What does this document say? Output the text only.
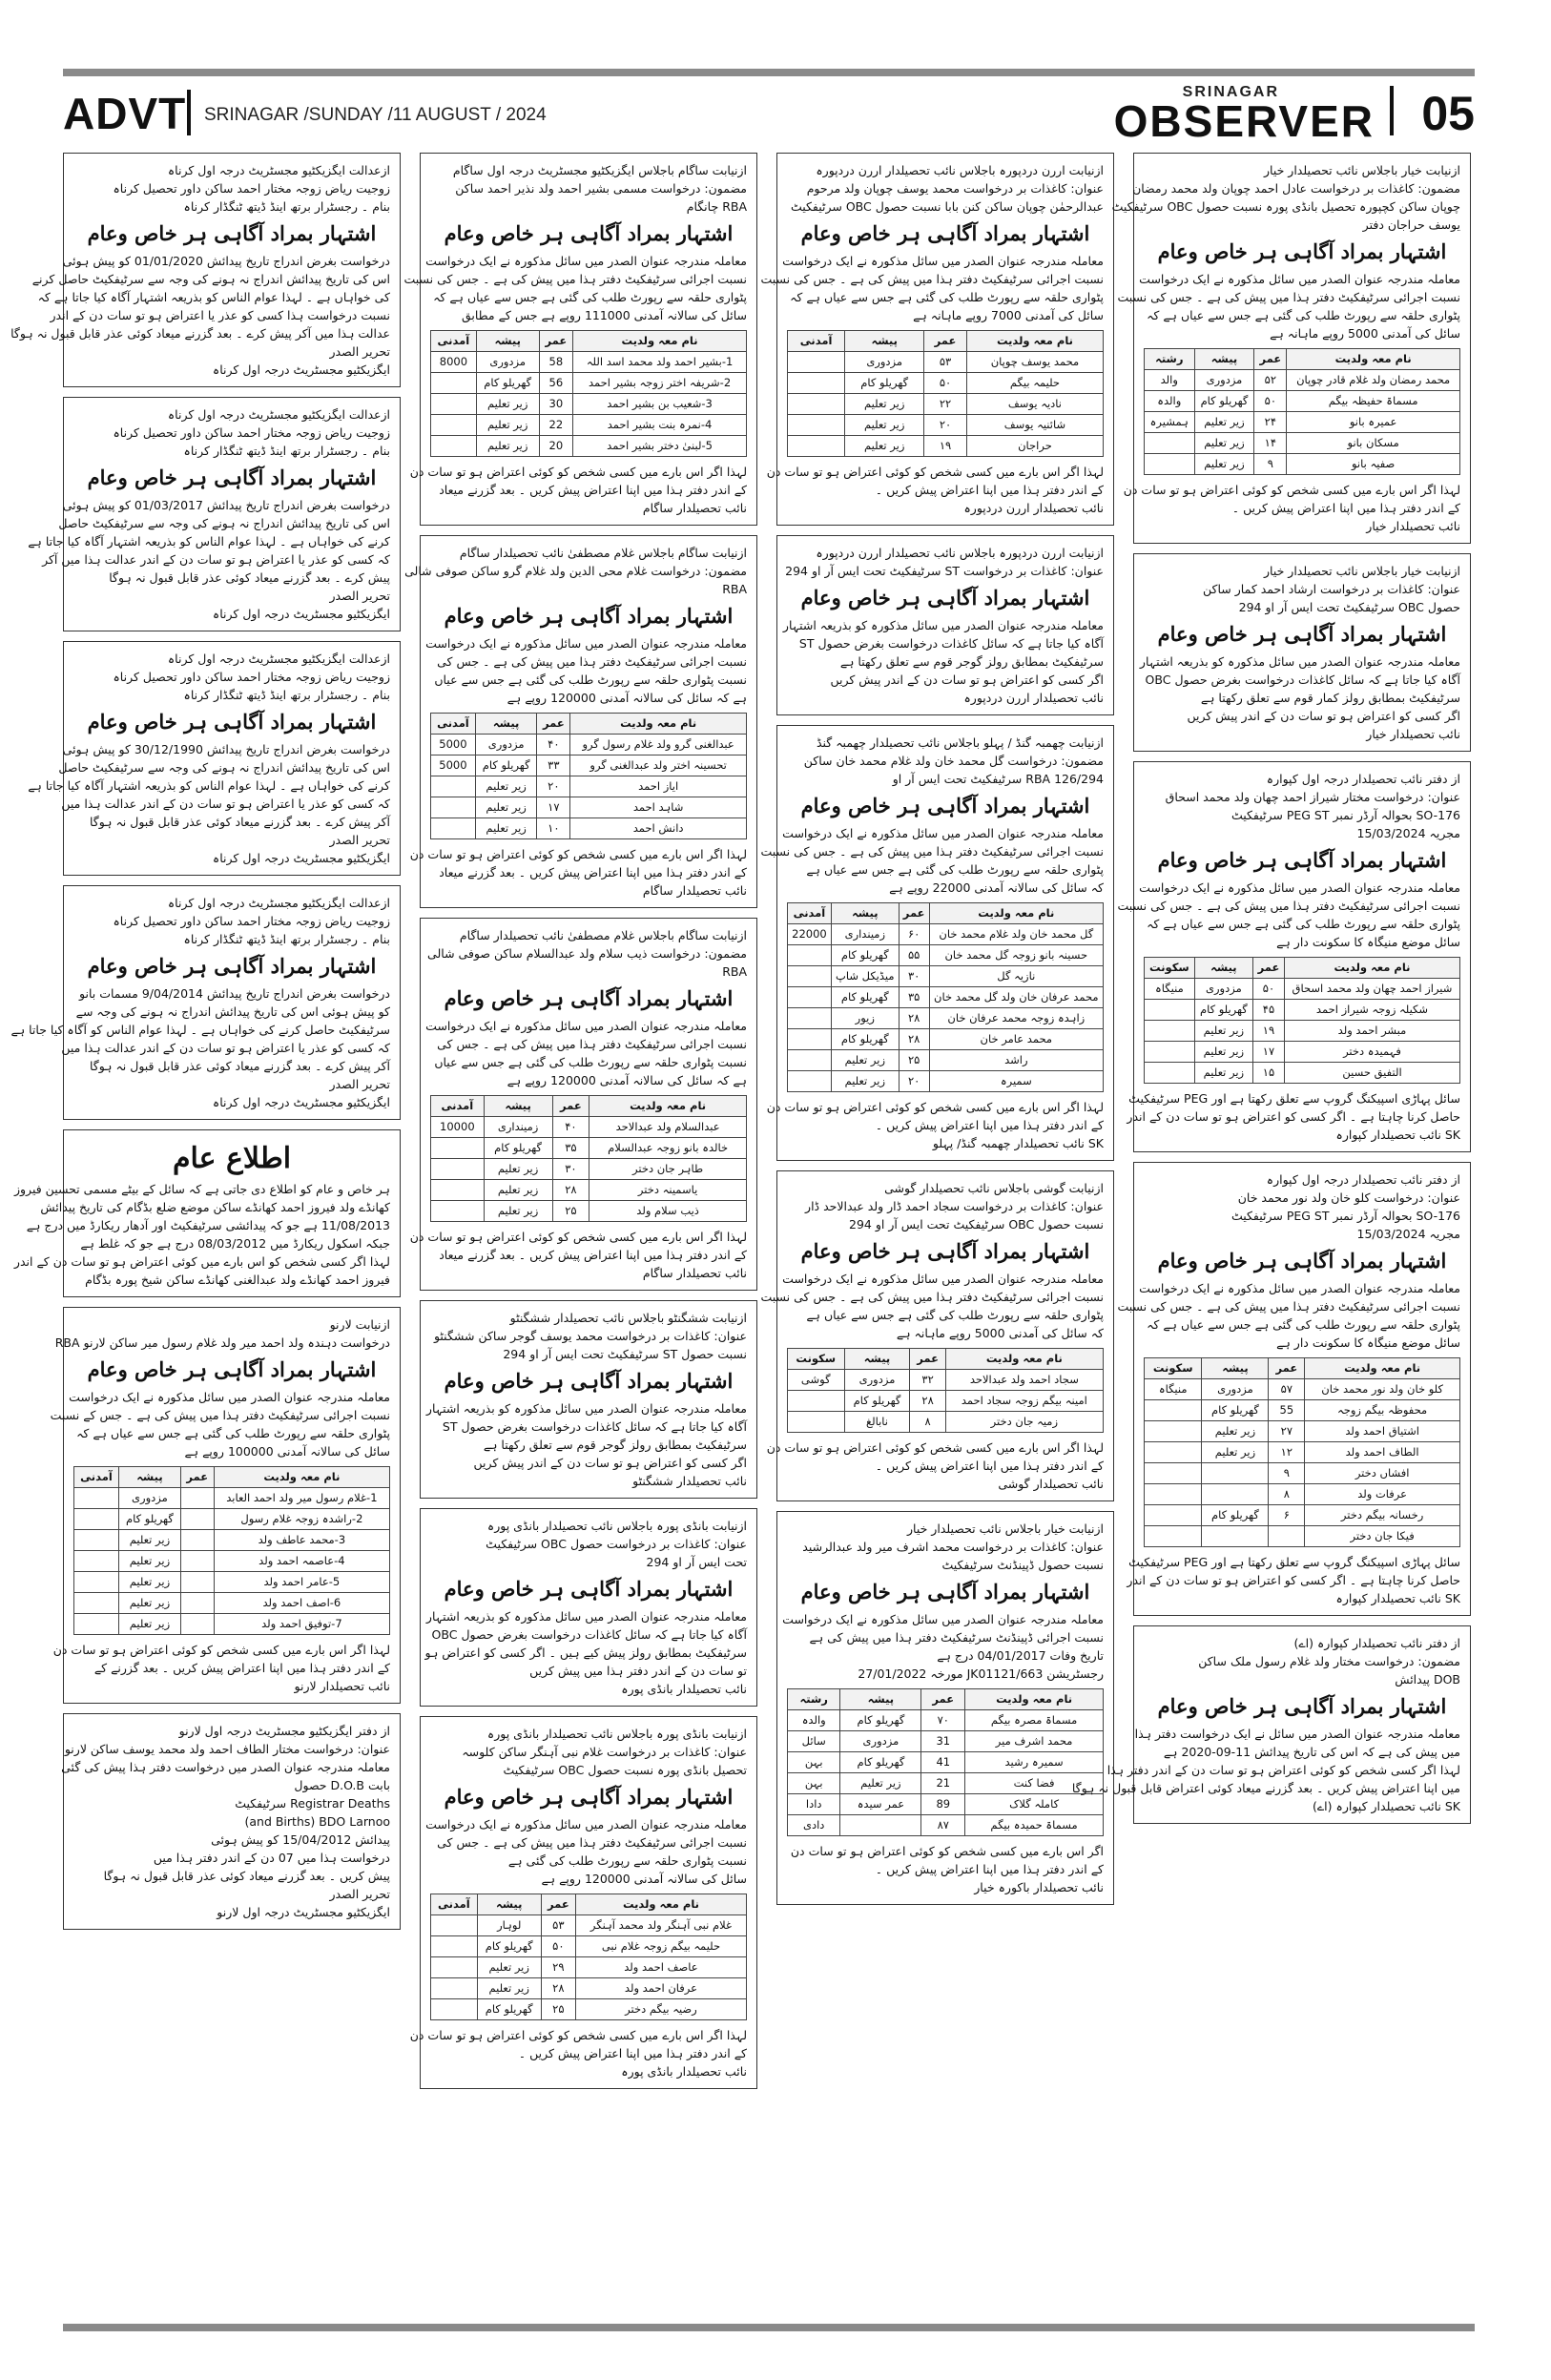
ADVT SRINAGAR /SUNDAY /11 AUGUST / 2024
SRINAGAR
OBSERVER 05
ازعدالت ایگزیکٹیو مجسٹریٹ درجہ اول کرناہ
زوجیت ریاض زوجہ مختار احمد ساکن داور تحصیل کرناہ
بنام ۔ رجسٹرار برتھ اینڈ ڈیتھ ٹنگڈار کرناہ
اشتہار بمراد آگاہی ہر خاص وعام
درخواست بغرض اندراج تاریخ پیدائش 01/01/2020 کو پیش ہوئی
اس کی تاریخ پیدائش اندراج نہ ہونے کی وجہ سے سرٹیفکیٹ حاصل کرنے
کی خواہاں ہے ۔ لہذا عوام الناس کو بذریعہ اشتہار آگاہ کیا جاتا ہے کہ
نسبت درخواست ہذا کسی کو عذر یا اعتراض ہو تو سات دن کے اندر
عدالت ہذا میں آکر پیش کرے ۔ بعد گزرنے میعاد کوئی عذر قابل قبول نہ ہوگا
تحریر الصدر
ایگزیکٹیو مجسٹریٹ درجہ اول کرناہ
ازعدالت ایگزیکٹیو مجسٹریٹ درجہ اول کرناہ
زوجیت ریاض زوجہ مختار احمد ساکن داور تحصیل کرناہ
بنام ۔ رجسٹرار برتھ اینڈ ڈیتھ ٹنگڈار کرناہ
اشتہار بمراد آگاہی ہر خاص وعام
درخواست بغرض اندراج تاریخ پیدائش 01/03/2017 کو پیش ہوئی
اس کی تاریخ پیدائش اندراج نہ ہونے کی وجہ سے سرٹیفکیٹ حاصل
کرنے کی خواہاں ہے ۔ لہذا عوام الناس کو بذریعہ اشتہار آگاہ کیا جاتا ہے
کہ کسی کو عذر یا اعتراض ہو تو سات دن کے اندر عدالت ہذا میں آکر
پیش کرے ۔ بعد گزرنے میعاد کوئی عذر قابل قبول نہ ہوگا
تحریر الصدر
ایگزیکٹیو مجسٹریٹ درجہ اول کرناہ
ازعدالت ایگزیکٹیو مجسٹریٹ درجہ اول کرناہ
زوجیت ریاض زوجہ مختار احمد ساکن داور تحصیل کرناہ
بنام ۔ رجسٹرار برتھ اینڈ ڈیتھ ٹنگڈار کرناہ
اشتہار بمراد آگاہی ہر خاص وعام
درخواست بغرض اندراج تاریخ پیدائش 30/12/1990 کو پیش ہوئی
اس کی تاریخ پیدائش اندراج نہ ہونے کی وجہ سے سرٹیفکیٹ حاصل
کرنے کی خواہاں ہے ۔ لہذا عوام الناس کو بذریعہ اشتہار آگاہ کیا جاتا ہے
کہ کسی کو عذر یا اعتراض ہو تو سات دن کے اندر عدالت ہذا میں
آکر پیش کرے ۔ بعد گزرنے میعاد کوئی عذر قابل قبول نہ ہوگا
تحریر الصدر
ایگزیکٹیو مجسٹریٹ درجہ اول کرناہ
ازعدالت ایگزیکٹیو مجسٹریٹ درجہ اول کرناہ
زوجیت ریاض زوجہ مختار احمد ساکن داور تحصیل کرناہ
بنام ۔ رجسٹرار برتھ اینڈ ڈیتھ ٹنگڈار کرناہ
اشتہار بمراد آگاہی ہر خاص وعام
درخواست بغرض اندراج تاریخ پیدائش 9/04/2014 مسمات بانو
کو پیش ہوئی اس کی تاریخ پیدائش اندراج نہ ہونے کی وجہ سے
سرٹیفکیٹ حاصل کرنے کی خواہاں ہے ۔ لہذا عوام الناس کو آگاہ کیا جاتا ہے
کہ کسی کو عذر یا اعتراض ہو تو سات دن کے اندر عدالت ہذا میں
آکر پیش کرے ۔ بعد گزرنے میعاد کوئی عذر قابل قبول نہ ہوگا
تحریر الصدر
ایگزیکٹیو مجسٹریٹ درجہ اول کرناہ
اطلاع عام
ہر خاص و عام کو اطلاع دی جاتی ہے کہ سائل کے بیٹے مسمی تحسین فیروز
کھانڈے ولد فیروز احمد کھانڈے ساکن موضع ضلع بڈگام کی تاریخ پیدائش
11/08/2013 ہے جو کہ پیدائشی سرٹیفکیٹ اور آدھار ریکارڈ میں درج ہے
جبکہ اسکول ریکارڈ میں 08/03/2012 درج ہے جو کہ غلط ہے
لہذا اگر کسی شخص کو اس بارے میں کوئی اعتراض ہو تو سات دن کے اندر
فیروز احمد کھانڈے ولد عبدالغنی کھانڈے ساکن شیخ پورہ بڈگام
ازنیابت لارنو
درخواست دہندہ ولد احمد میر ولد غلام رسول میر ساکن لارنو RBA
اشتہار بمراد آگاہی ہر خاص وعام
معاملہ مندرجہ عنوان الصدر میں سائل مذکورہ نے ایک درخواست
نسبت اجرائی سرٹیفکیٹ دفتر ہذا میں پیش کی ہے ۔ جس کے نسبت
پٹواری حلقہ سے رپورٹ طلب کی گئی ہے جس سے عیاں ہے کہ
سائل کی سالانہ آمدنی 100000 روپے ہے
نام معہ ولدیت	عمر	پیشہ	آمدنی
1-غلام رسول میر ولد احمد العابد		مزدوری	
2-راشدہ زوجہ غلام رسول		گھریلو کام	
3-محمد عاطف ولد		زیر تعلیم	
4-عاصمہ احمد ولد		زیر تعلیم	
5-عامر احمد ولد		زیر تعلیم	
6-اصف احمد ولد		زیر تعلیم	
7-توفیق احمد ولد		زیر تعلیم	
لہذا اگر اس بارے میں کسی شخص کو کوئی اعتراض ہو تو سات دن
کے اندر دفتر ہذا میں اپنا اعتراض پیش کریں ۔ بعد گزرنے کے
نائب تحصیلدار لارنو
از دفتر ایگزیکٹیو مجسٹریٹ درجہ اول لارنو
عنوان: درخواست مختار الطاف احمد ولد محمد یوسف ساکن لارنو
معاملہ مندرجہ عنوان الصدر میں درخواست دفتر ہذا پیش کی گئی
بابت D.O.B حصول
Registrar Deaths سرٹیفکیٹ
and Births) BDO Larnoo)
پیدائش 15/04/2012 کو پیش ہوئی
درخواست ہذا میں 07 دن کے اندر دفتر ہذا میں
پیش کریں ۔ بعد گزرنے میعاد کوئی عذر قابل قبول نہ ہوگا
تحریر الصدر
ایگزیکٹیو مجسٹریٹ درجہ اول لارنو
ازنیابت ساگام باجلاس ایگزیکٹیو مجسٹریٹ درجہ اول ساگام
مضمون: درخواست مسمی بشیر احمد ولد نذیر احمد ساکن
RBA چانگام
اشتہار بمراد آگاہی ہر خاص وعام
معاملہ مندرجہ عنوان الصدر میں سائل مذکورہ نے ایک درخواست
نسبت اجرائی سرٹیفکیٹ دفتر ہذا میں پیش کی ہے ۔ جس کی نسبت
پٹواری حلقہ سے رپورٹ طلب کی گئی ہے جس سے عیاں ہے کہ
سائل کی سالانہ آمدنی 111000 روپے ہے جس کے مطابق
نام معہ ولدیت	عمر	پیشہ	آمدنی
1-بشیر احمد ولد محمد اسد اللہ	58	مزدوری	8000
2-شریفہ اختر زوجہ بشیر احمد	56	گھریلو کام	
3-شعیب بن بشیر احمد	30	زیر تعلیم	
4-نمرہ بنت بشیر احمد	22	زیر تعلیم	
5-لبنیٰ دختر بشیر احمد	20	زیر تعلیم	
لہذا اگر اس بارے میں کسی شخص کو کوئی اعتراض ہو تو سات دن
کے اندر دفتر ہذا میں اپنا اعتراض پیش کریں ۔ بعد گزرنے میعاد
نائب تحصیلدار ساگام
ازنیابت ساگام باجلاس غلام مصطفیٰ نائب تحصیلدار ساگام
مضمون: درخواست غلام محی الدین ولد غلام گرو ساکن صوفی شالی
RBA
اشتہار بمراد آگاہی ہر خاص وعام
معاملہ مندرجہ عنوان الصدر میں سائل مذکورہ نے ایک درخواست
نسبت اجرائی سرٹیفکیٹ دفتر ہذا میں پیش کی ہے ۔ جس کی
نسبت پٹواری حلقہ سے رپورٹ طلب کی گئی ہے جس سے عیاں
ہے کہ سائل کی سالانہ آمدنی 120000 روپے ہے
نام معہ ولدیت	عمر	پیشہ	آمدنی
عبدالغنی گرو ولد غلام رسول گرو	۴۰	مزدوری	5000
تحسینہ اختر ولد عبدالغنی گرو	۳۳	گھریلو کام	5000
ایاز احمد	۲۰	زیر تعلیم	
شاہد احمد	۱۷	زیر تعلیم	
دانش احمد	۱۰	زیر تعلیم	
لہذا اگر اس بارے میں کسی شخص کو کوئی اعتراض ہو تو سات دن
کے اندر دفتر ہذا میں اپنا اعتراض پیش کریں ۔ بعد گزرنے میعاد
نائب تحصیلدار ساگام
ازنیابت ساگام باجلاس غلام مصطفیٰ نائب تحصیلدار ساگام
مضمون: درخواست ذیب سلام ولد عبدالسلام ساکن صوفی شالی
RBA
اشتہار بمراد آگاہی ہر خاص وعام
معاملہ مندرجہ عنوان الصدر میں سائل مذکورہ نے ایک درخواست
نسبت اجرائی سرٹیفکیٹ دفتر ہذا میں پیش کی ہے ۔ جس کی
نسبت پٹواری حلقہ سے رپورٹ طلب کی گئی ہے جس سے عیاں
ہے کہ سائل کی سالانہ آمدنی 120000 روپے ہے
نام معہ ولدیت	عمر	پیشہ	آمدنی
عبدالسلام ولد عبدالاحد	۴۰	زمینداری	10000
خالدہ بانو زوجہ عبدالسلام	۳۵	گھریلو کام	
طاہر جان دختر	۳۰	زیر تعلیم	
یاسمینہ دختر	۲۸	زیر تعلیم	
ذیب سلام ولد	۲۵	زیر تعلیم	
لہذا اگر اس بارے میں کسی شخص کو کوئی اعتراض ہو تو سات دن
کے اندر دفتر ہذا میں اپنا اعتراض پیش کریں ۔ بعد گزرنے میعاد
نائب تحصیلدار ساگام
ازنیابت ششگنٹو باجلاس نائب تحصیلدار ششگنٹو
عنوان: کاغذات بر درخواست محمد یوسف گوجر ساکن ششگنٹو
نسبت حصول ST سرٹیفکیٹ تحت ایس آر او 294
اشتہار بمراد آگاہی ہر خاص وعام
معاملہ مندرجہ عنوان الصدر میں سائل مذکورہ کو بذریعہ اشتہار
آگاہ کیا جاتا ہے کہ سائل کاغذات درخواست بغرض حصول ST
سرٹیفکیٹ بمطابق رولز گوجر قوم سے تعلق رکھتا ہے
اگر کسی کو اعتراض ہو تو سات دن کے اندر پیش کریں
نائب تحصیلدار ششگنٹو
ازنیابت بانڈی پورہ باجلاس نائب تحصیلدار بانڈی پورہ
عنوان: کاغذات بر درخواست حصول OBC سرٹیفکیٹ
تحت ایس آر او 294
اشتہار بمراد آگاہی ہر خاص وعام
معاملہ مندرجہ عنوان الصدر میں سائل مذکورہ کو بذریعہ اشتہار
آگاہ کیا جاتا ہے کہ سائل کاغذات درخواست بغرض حصول OBC
سرٹیفکیٹ بمطابق رولز پیش کیے ہیں ۔ اگر کسی کو اعتراض ہو
تو سات دن کے اندر دفتر ہذا میں پیش کریں
نائب تحصیلدار بانڈی پورہ
ازنیابت بانڈی پورہ باجلاس نائب تحصیلدار بانڈی پورہ
عنوان: کاغذات بر درخواست غلام نبی آہنگر ساکن کلوسہ
تحصیل بانڈی پورہ نسبت حصول OBC سرٹیفکیٹ
اشتہار بمراد آگاہی ہر خاص وعام
معاملہ مندرجہ عنوان الصدر میں سائل مذکورہ نے ایک درخواست
نسبت اجرائی سرٹیفکیٹ دفتر ہذا میں پیش کی ہے ۔ جس کی
نسبت پٹواری حلقہ سے رپورٹ طلب کی گئی ہے
سائل کی سالانہ آمدنی 120000 روپے ہے
نام معہ ولدیت	عمر	پیشہ	آمدنی
غلام نبی آہنگر ولد محمد آہنگر	۵۳	لوہار	
حلیمہ بیگم زوجہ غلام نبی	۵۰	گھریلو کام	
عاصف احمد ولد	۲۹	زیر تعلیم	
عرفان احمد ولد	۲۸	زیر تعلیم	
رضیہ بیگم دختر	۲۵	گھریلو کام	
لہذا اگر اس بارے میں کسی شخص کو کوئی اعتراض ہو تو سات دن
کے اندر دفتر ہذا میں اپنا اعتراض پیش کریں ۔
نائب تحصیلدار بانڈی پورہ
ازنیابت اررن دردپورہ باجلاس نائب تحصیلدار اررن دردپورہ
عنوان: کاغذات بر درخواست محمد یوسف چوپان ولد مرحوم
عبدالرحمٰن چوپان ساکن کنن بابا نسبت حصول OBC سرٹیفکیٹ
اشتہار بمراد آگاہی ہر خاص وعام
معاملہ مندرجہ عنوان الصدر میں سائل مذکورہ نے ایک درخواست
نسبت اجرائی سرٹیفکیٹ دفتر ہذا میں پیش کی ہے ۔ جس کی نسبت
پٹواری حلقہ سے رپورٹ طلب کی گئی ہے جس سے عیاں ہے کہ
سائل کی آمدنی 7000 روپے ماہانہ ہے
نام معہ ولدیت	عمر	پیشہ	آمدنی
محمد یوسف چوپان	۵۳	مزدوری	
حلیمہ بیگم	۵۰	گھریلو کام	
نادیہ یوسف	۲۲	زیر تعلیم	
شائنیہ یوسف	۲۰	زیر تعلیم	
حراجان	۱۹	زیر تعلیم	
لہذا اگر اس بارے میں کسی شخص کو کوئی اعتراض ہو تو سات دن
کے اندر دفتر ہذا میں اپنا اعتراض پیش کریں ۔
نائب تحصیلدار اررن دردپورہ
ازنیابت اررن دردپورہ باجلاس نائب تحصیلدار اررن دردپورہ
عنوان: کاغذات بر درخواست ST سرٹیفکیٹ تحت ایس آر او 294
اشتہار بمراد آگاہی ہر خاص وعام
معاملہ مندرجہ عنوان الصدر میں سائل مذکورہ کو بذریعہ اشتہار
آگاہ کیا جاتا ہے کہ سائل کاغذات درخواست بغرض حصول ST
سرٹیفکیٹ بمطابق رولز گوجر قوم سے تعلق رکھتا ہے
اگر کسی کو اعتراض ہو تو سات دن کے اندر پیش کریں
نائب تحصیلدار اررن دردپورہ
ازنیابت چھمبہ گنڈ / پہلو باجلاس نائب تحصیلدار چھمبہ گنڈ
مضمون: درخواست گل محمد خان ولد غلام محمد خان ساکن
126/294 RBA سرٹیفکیٹ تحت ایس آر او
اشتہار بمراد آگاہی ہر خاص وعام
معاملہ مندرجہ عنوان الصدر میں سائل مذکورہ نے ایک درخواست
نسبت اجرائی سرٹیفکیٹ دفتر ہذا میں پیش کی ہے ۔ جس کی نسبت
پٹواری حلقہ سے رپورٹ طلب کی گئی ہے جس سے عیاں ہے
کہ سائل کی سالانہ آمدنی 22000 روپے ہے
نام معہ ولدیت	عمر	پیشہ	آمدنی
گل محمد خان ولد غلام محمد خان	۶۰	زمینداری	22000
حسینہ بانو زوجہ گل محمد خان	۵۵	گھریلو کام	
نازیہ گل	۳۰	میڈیکل شاپ	
محمد عرفان خان ولد گل محمد خان	۳۵	گھریلو کام	
زاہدہ زوجہ محمد عرفان خان	۲۸	زیور	
محمد عامر خان	۲۸	گھریلو کام	
راشد	۲۵	زیر تعلیم	
سمیرہ	۲۰	زیر تعلیم	
لہذا اگر اس بارے میں کسی شخص کو کوئی اعتراض ہو تو سات دن
کے اندر دفتر ہذا میں اپنا اعتراض پیش کریں ۔
SK نائب تحصیلدار چھمبہ گنڈ/ پہلو
ازنیابت گوشی باجلاس نائب تحصیلدار گوشی
عنوان: کاغذات بر درخواست سجاد احمد ڈار ولد عبدالاحد ڈار
نسبت حصول OBC سرٹیفکیٹ تحت ایس آر او 294
اشتہار بمراد آگاہی ہر خاص وعام
معاملہ مندرجہ عنوان الصدر میں سائل مذکورہ نے ایک درخواست
نسبت اجرائی سرٹیفکیٹ دفتر ہذا میں پیش کی ہے ۔ جس کی نسبت
پٹواری حلقہ سے رپورٹ طلب کی گئی ہے جس سے عیاں ہے
کہ سائل کی آمدنی 5000 روپے ماہانہ ہے
نام معہ ولدیت	عمر	پیشہ	سکونت
سجاد احمد ولد عبدالاحد	۳۲	مزدوری	گوشی
امینہ بیگم زوجہ سجاد احمد	۲۸	گھریلو کام	
زمیہ جان دختر	۸	نابالغ	
لہذا اگر اس بارے میں کسی شخص کو کوئی اعتراض ہو تو سات دن
کے اندر دفتر ہذا میں اپنا اعتراض پیش کریں ۔
نائب تحصیلدار گوشی
ازنیابت خیار باجلاس نائب تحصیلدار خیار
عنوان: کاغذات بر درخواست محمد اشرف میر ولد عبدالرشید
نسبت حصول ڈپینڈنٹ سرٹیفکیٹ
اشتہار بمراد آگاہی ہر خاص وعام
معاملہ مندرجہ عنوان الصدر میں سائل مذکورہ نے ایک درخواست
نسبت اجرائی ڈپینڈنٹ سرٹیفکیٹ دفتر ہذا میں پیش کی ہے
تاریخ وفات 04/01/2017 درج ہے
رجسٹریشن JK01121/663 مورخہ 27/01/2022
نام معہ ولدیت	عمر	پیشہ	رشتہ
مسماۃ مصرہ بیگم	۷۰	گھریلو کام	والدہ
محمد اشرف میر	31	مزدوری	سائل
سمیرہ رشید	41	گھریلو کام	بہن
فضا کنت	21	زیر تعلیم	بہن
کاملہ گلاک	89	عمر سیدہ	دادا
مسماۃ حمیدہ بیگم	۸۷		دادی
اگر اس بارے میں کسی شخص کو کوئی اعتراض ہو تو سات دن
کے اندر دفتر ہذا میں اپنا اعتراض پیش کریں ۔
نائب تحصیلدار باکورہ خیار
ازنیابت خیار باجلاس نائب تحصیلدار خیار
مضمون: کاغذات بر درخواست عادل احمد چوپان ولد محمد رمضان
چوپان ساکن کچپورہ تحصیل بانڈی پورہ نسبت حصول OBC سرٹیفکیٹ
یوسف حراجان دفتر
اشتہار بمراد آگاہی ہر خاص وعام
معاملہ مندرجہ عنوان الصدر میں سائل مذکورہ نے ایک درخواست
نسبت اجرائی سرٹیفکیٹ دفتر ہذا میں پیش کی ہے ۔ جس کی نسبت
پٹواری حلقہ سے رپورٹ طلب کی گئی ہے جس سے عیاں ہے کہ
سائل کی آمدنی 5000 روپے ماہانہ ہے
نام معہ ولدیت	عمر	پیشہ	رشتہ
محمد رمضان ولد غلام قادر چوپان	۵۲	مزدوری	والد
مسماۃ حفیظہ بیگم	۵۰	گھریلو کام	والدہ
عمیرہ بانو	۲۴	زیر تعلیم	ہمشیرہ
مسکان بانو	۱۴	زیر تعلیم	
صفیہ بانو	۹	زیر تعلیم	
لہذا اگر اس بارے میں کسی شخص کو کوئی اعتراض ہو تو سات دن
کے اندر دفتر ہذا میں اپنا اعتراض پیش کریں ۔
نائب تحصیلدار خیار
ازنیابت خیار باجلاس نائب تحصیلدار خیار
عنوان: کاغذات بر درخواست ارشاد احمد کمار ساکن
حصول OBC سرٹیفکیٹ تحت ایس آر او 294
اشتہار بمراد آگاہی ہر خاص وعام
معاملہ مندرجہ عنوان الصدر میں سائل مذکورہ کو بذریعہ اشتہار
آگاہ کیا جاتا ہے کہ سائل کاغذات درخواست بغرض حصول OBC
سرٹیفکیٹ بمطابق رولز کمار قوم سے تعلق رکھتا ہے
اگر کسی کو اعتراض ہو تو سات دن کے اندر پیش کریں
نائب تحصیلدار خیار
از دفتر نائب تحصیلدار درجہ اول کپوارہ
عنوان: درخواست مختار شیراز احمد چھان ولد محمد اسحاق
SO-176 بحوالہ آرڈر نمبر PEG ST سرٹیفکیٹ
مجریہ 15/03/2024
اشتہار بمراد آگاہی ہر خاص وعام
معاملہ مندرجہ عنوان الصدر میں سائل مذکورہ نے ایک درخواست
نسبت اجرائی سرٹیفکیٹ دفتر ہذا میں پیش کی ہے ۔ جس کی نسبت
پٹواری حلقہ سے رپورٹ طلب کی گئی ہے جس سے عیاں ہے کہ
سائل موضع منیگاہ کا سکونت دار ہے
نام معہ ولدیت	عمر	پیشہ	سکونت
شیراز احمد چھان ولد محمد اسحاق	۵۰	مزدوری	منیگاہ
شکیلہ زوجہ شیراز احمد	۴۵	گھریلو کام	
مبشر احمد ولد	۱۹	زیر تعلیم	
فہمیدہ دختر	۱۷	زیر تعلیم	
التفیق حسین	۱۵	زیر تعلیم	
سائل پہاڑی اسپیکنگ گروپ سے تعلق رکھتا ہے اور PEG سرٹیفکیٹ
حاصل کرنا چاہتا ہے ۔ اگر کسی کو اعتراض ہو تو سات دن کے اندر
SK نائب تحصیلدار کپوارہ
از دفتر نائب تحصیلدار درجہ اول کپوارہ
عنوان: درخواست کلو خان ولد نور محمد خان
SO-176 بحوالہ آرڈر نمبر PEG ST سرٹیفکیٹ
مجریہ 15/03/2024
اشتہار بمراد آگاہی ہر خاص وعام
معاملہ مندرجہ عنوان الصدر میں سائل مذکورہ نے ایک درخواست
نسبت اجرائی سرٹیفکیٹ دفتر ہذا میں پیش کی ہے ۔ جس کی نسبت
پٹواری حلقہ سے رپورٹ طلب کی گئی ہے جس سے عیاں ہے کہ
سائل موضع منیگاہ کا سکونت دار ہے
نام معہ ولدیت	عمر	پیشہ	سکونت
کلو خان ولد نور محمد خان	۵۷	مزدوری	منیگاہ
محفوظہ بیگم زوجہ	55	گھریلو کام	
اشتیاق احمد ولد	۲۷	زیر تعلیم	
الطاف احمد ولد	۱۲	زیر تعلیم	
افشاں دختر	۹		
عرفات ولد	۸		
رخسانہ بیگم دختر	۶	گھریلو کام	
فیکا جان دختر			
سائل پہاڑی اسپیکنگ گروپ سے تعلق رکھتا ہے اور PEG سرٹیفکیٹ
حاصل کرنا چاہتا ہے ۔ اگر کسی کو اعتراض ہو تو سات دن کے اندر
SK نائب تحصیلدار کپوارہ
از دفتر نائب تحصیلدار کپوارہ (اے)
مضمون: درخواست مختار ولد غلام رسول ملک ساکن
DOB پیدائش
اشتہار بمراد آگاہی ہر خاص وعام
معاملہ مندرجہ عنوان الصدر میں سائل نے ایک درخواست دفتر ہذا
میں پیش کی ہے کہ اس کی تاریخ پیدائش 11-09-2020 ہے
لہذا اگر کسی شخص کو کوئی اعتراض ہو تو سات دن کے اندر دفتر ہذا
میں اپنا اعتراض پیش کریں ۔ بعد گزرنے میعاد کوئی اعتراض قابل قبول نہ ہوگا
SK نائب تحصیلدار کپوارہ (اے)
